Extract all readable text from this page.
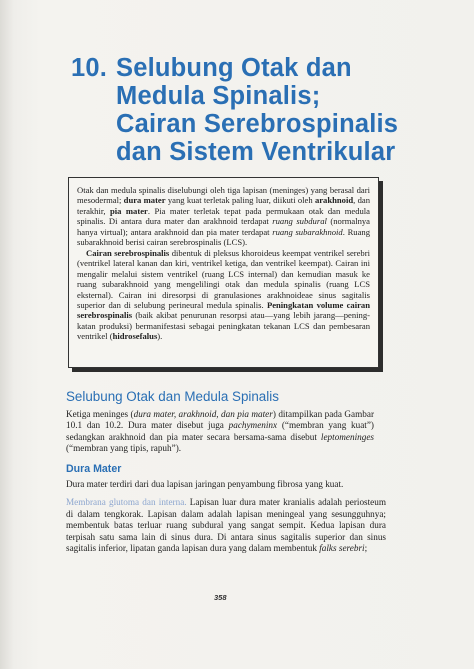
10. Selubung Otak dan
Medula Spinalis;
Cairan Serebrospinalis
dan Sistem Ventrikular

Otak dan medula spinalis diselubungi oleh tiga lapisan (meninges) yang berasal dari mesodermal; dura mater yang kuat terletak paling luar, diikuti oleh arakhnoid, dan terakhir, pia mater. Pia mater terletak tepat pada permukaan otak dan medula spinalis. Di antara dura mater dan arakhnoid terdapat ruang subdural (normalnya hanya virtual); antara arakhnoid dan pia mater terdapat ruang subarakhnoid. Ruang subarakhnoid berisi cairan serebrospinalis (LCS).

Cairan serebrospinalis dibentuk di pleksus khoroideus keempat ventrikel serebri (ventrikel lateral kanan dan kiri, ventrikel ketiga, dan ventrikel keempat). Cairan ini mengalir melalui sistem ventrikel (ruang LCS internal) dan kemudian masuk ke ruang subarakhnoid yang mengelilingi otak dan medula spinalis (ruang LCS eksternal). Cairan ini diresorpsi di granulasiones arakhnoideae sinus sagitalis superior dan di selubung perineural medula spinalis. Peningkatan volume cairan serebrospinalis (baik akibat penurunan resorpsi atau—yang lebih jarang—peningkatan produksi) bermanifestasi sebagai peningkatan tekanan LCS dan pembesaran ventrikel (hidrosefalus).

Selubung Otak dan Medula Spinalis

Ketiga meninges (dura mater, arakhnoid, dan pia mater) ditampilkan pada Gambar 10.1 dan 10.2. Dura mater disebut juga pachymeninx (“membran yang kuat”) sedangkan arakhnoid dan pia mater secara bersama-sama disebut leptomeninges (“membran yang tipis, rapuh”).

Dura Mater
Dura mater terdiri dari dua lapisan jaringan penyambung fibrosa yang kuat.
Membrana glutoma dan interna. Lapisan luar dura mater kranialis adalah periosteum di dalam tengkorak. Lapisan dalam adalah lapisan meningeal yang sesungguhnya; membentuk batas terluar ruang subdural yang sangat sempit. Kedua lapisan dura terpisah satu sama lain di sinus dura. Di antara sinus sagitalis superior dan sinus sagitalis inferior, lipatan ganda lapisan dura yang dalam membentuk falks serebri;
358
